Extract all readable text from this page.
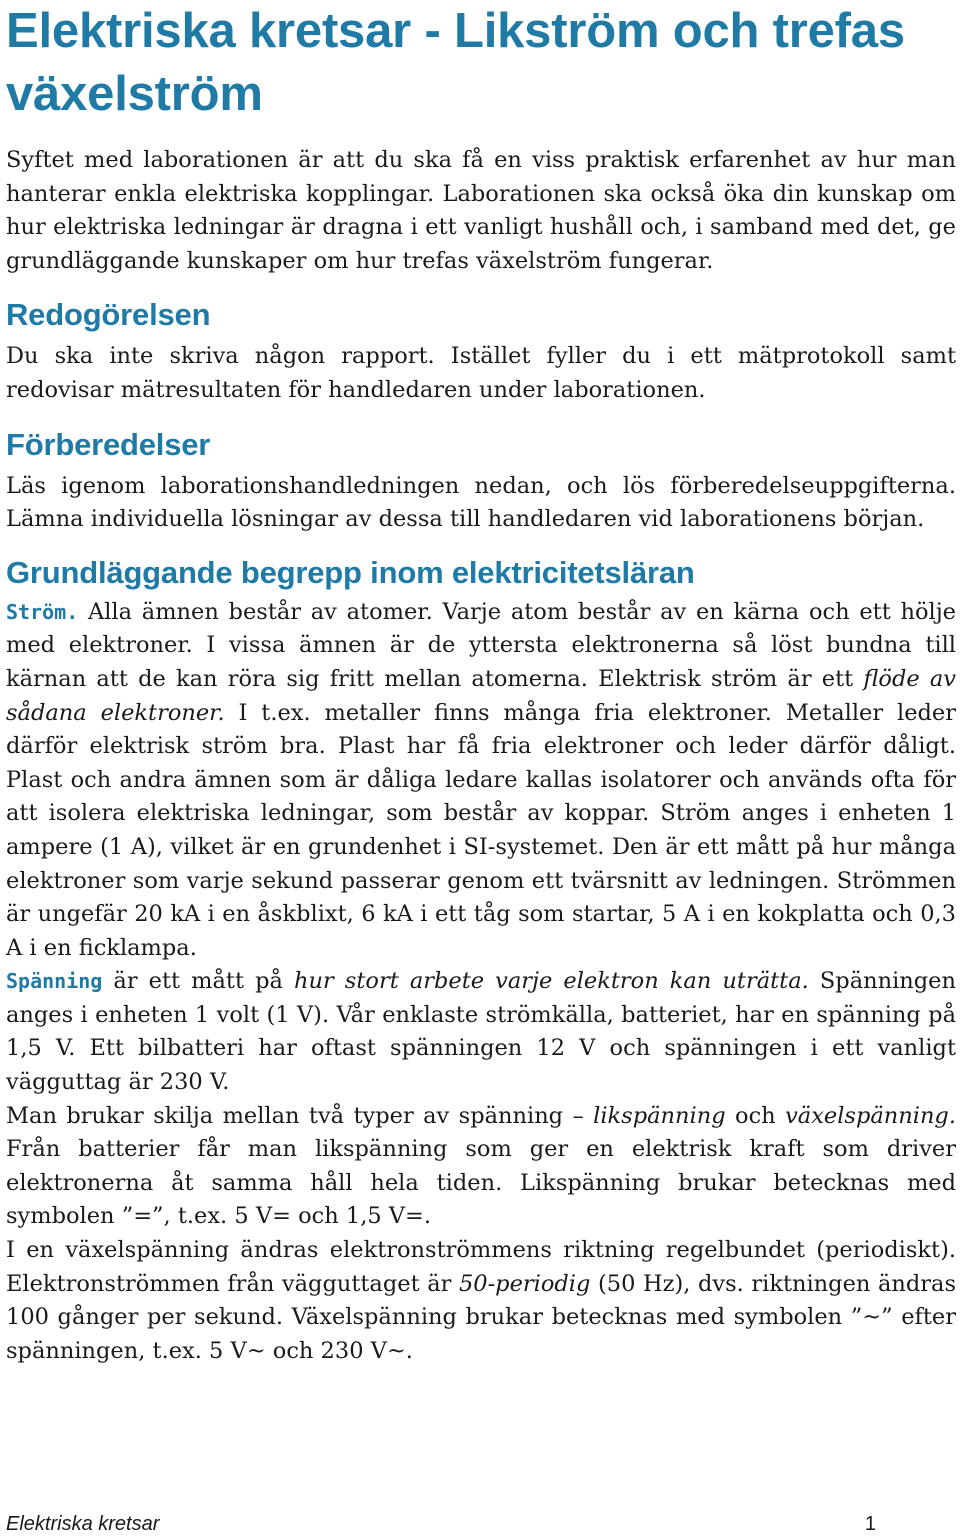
Elektriska kretsar - Likström och trefas växelström

Syftet med laborationen är att du ska få en viss praktisk erfarenhet av hur man hanterar enkla elektriska kopplingar. Laborationen ska också öka din kunskap om hur elektriska ledningar är dragna i ett vanligt hushåll och, i samband med det, ge grundläggande kunskaper om hur trefas växelström fungerar.

Redogörelsen

Du ska inte skriva någon rapport. Istället fyller du i ett mätprotokoll samt redovisar mätresultaten för handledaren under laborationen.

Förberedelser

Läs igenom laborationshandledningen nedan, och lös förberedelseuppgifterna. Lämna individuella lösningar av dessa till handledaren vid laborationens början.

Grundläggande begrepp inom elektricitetsläran

Ström. Alla ämnen består av atomer. Varje atom består av en kärna och ett hölje med elektroner. I vissa ämnen är de yttersta elektronerna så löst bundna till kärnan att de kan röra sig fritt mellan atomerna. Elektrisk ström är ett flöde av sådana elektroner. I t.ex. metaller finns många fria elektroner. Metaller leder därför elektrisk ström bra. Plast har få fria elektroner och leder därför dåligt. Plast och andra ämnen som är dåliga ledare kallas isolatorer och används ofta för att isolera elektriska ledningar, som består av koppar. Ström anges i enheten 1 ampere (1 A), vilket är en grundenhet i SI-systemet. Den är ett mått på hur många elektroner som varje sekund passerar genom ett tvärsnitt av ledningen. Strömmen är ungefär 20 kA i en åskblixt, 6 kA i ett tåg som startar, 5 A i en kokplatta och 0,3 A i en ficklampa.

Spänning är ett mått på hur stort arbete varje elektron kan uträtta. Spänningen anges i enheten 1 volt (1 V). Vår enklaste strömkälla, batteriet, har en spänning på 1,5 V. Ett bilbatteri har oftast spänningen 12 V och spänningen i ett vanligt vägguttag är 230 V.

Man brukar skilja mellan två typer av spänning – likspänning och växelspänning. Från batterier får man likspänning som ger en elektrisk kraft som driver elektronerna åt samma håll hela tiden. Likspänning brukar betecknas med symbolen ”=”, t.ex. 5 V= och 1,5 V=.

I en växelspänning ändras elektronströmmens riktning regelbundet (periodiskt). Elektronströmmen från vägguttaget är 50-periodig (50 Hz), dvs. riktningen ändras 100 gånger per sekund. Växelspänning brukar betecknas med symbolen ”~” efter spänningen, t.ex. 5 V~ och 230 V~.

Elektriska kretsar	1
